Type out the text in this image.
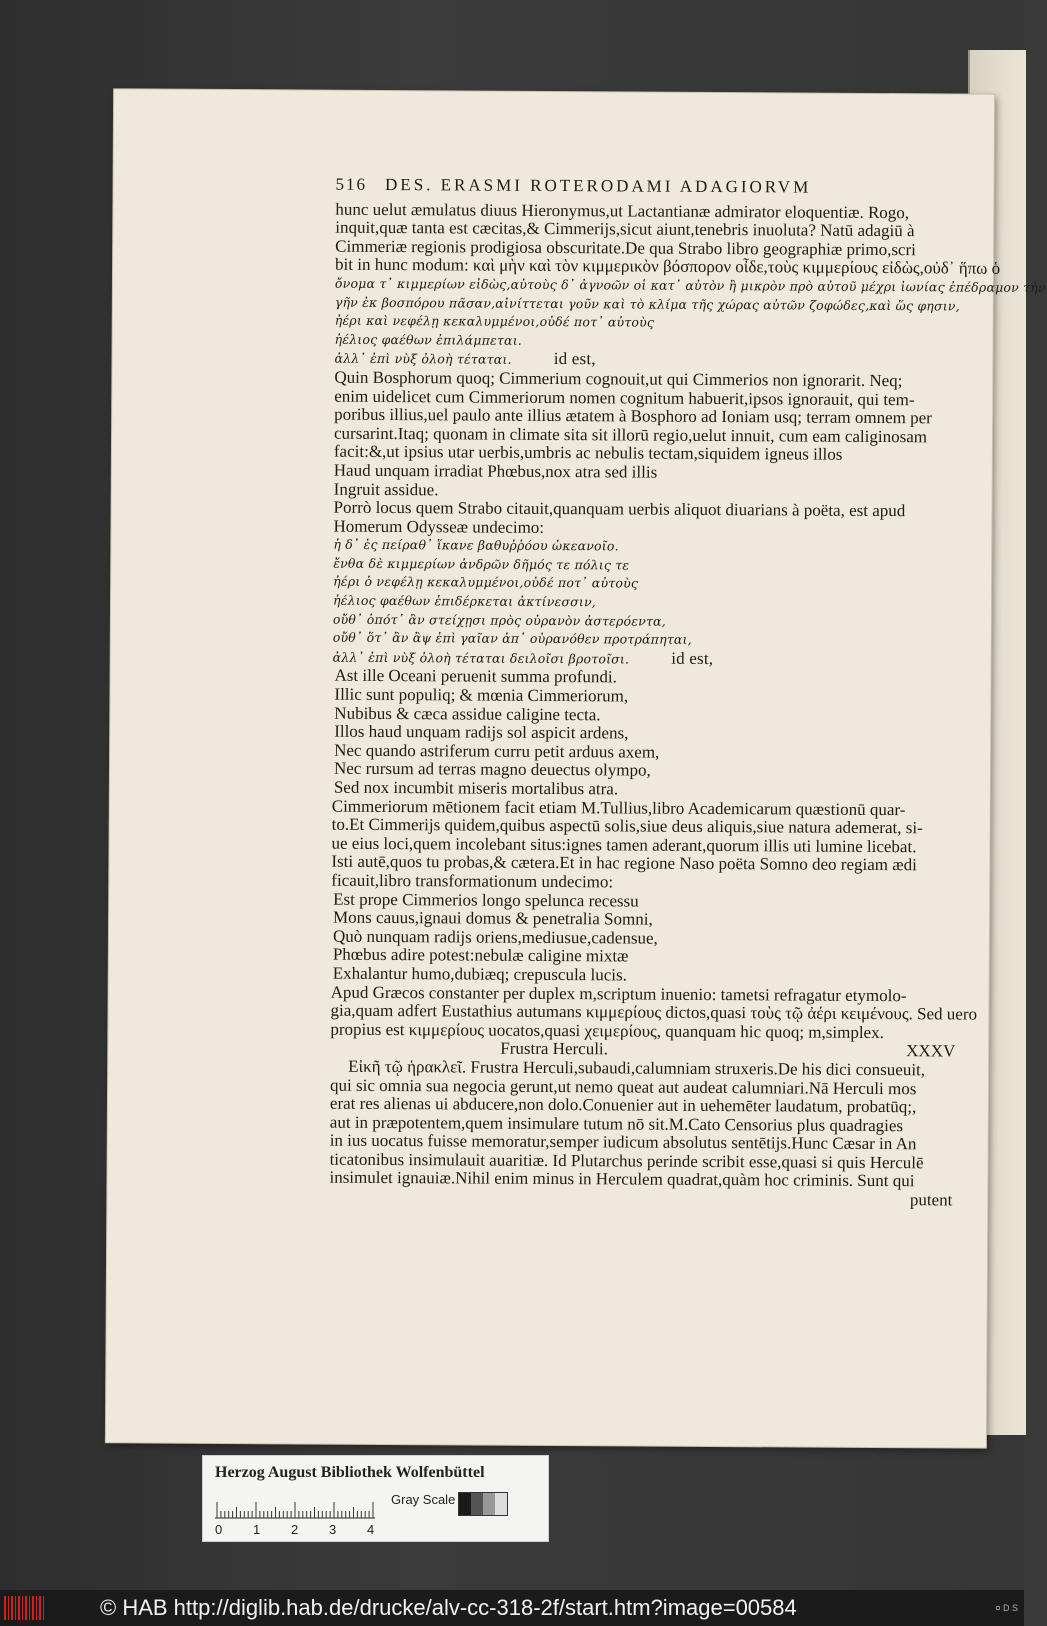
516 DES. ERASMI ROTERODAMI ADAGIORVM
hunc uelut æmulatus diuus Hieronymus,ut Lactantianæ admirator eloquentiæ. Rogo,
inquit,quæ tanta est cæcitas,& Cimmerijs,sicut aiunt,tenebris inuoluta? Natū adagiū à
Cimmeriæ regionis prodigiosa obscuritate.De qua Strabo libro geographiæ primo,scri
bit in hunc modum: καὶ μὴν καὶ τὸν κιμμερικὸν βόσπορον οἶδε,τοὺς κιμμερίους εἰδὼς,οὐδ᾽ ἥπω ὁ
ὄνομα τ᾽ κιμμερίων εἰδὼς,αὐτοὺς δ᾽ ἀγνοῶν οἱ κατ᾽ αὐτὸν ἢ μικρὸν πρὸ αὐτοῦ μέχρι ἰωνίας ἐπέδραμον τὴν
γῆν ἐκ βοσπόρου πᾶσαν,αἰνίττεται γοῦν καὶ τὸ κλίμα τῆς χώρας αὐτῶν ζοφώδες,καὶ ὥς φησιν,
ἠέρι καὶ νεφέλῃ κεκαλυμμένοι,οὐδέ ποτ᾽ αὐτοὺς
ἠέλιος φαέθων ἐπιλάμπεται.
ἀλλ᾽ ἐπὶ νὺξ ὀλοὴ τέταται. id est,
Quin Bosphorum quoq; Cimmerium cognouit,ut qui Cimmerios non ignorarit. Neq;
enim uidelicet cum Cimmeriorum nomen cognitum habuerit,ipsos ignorauit, qui tem-
poribus illius,uel paulo ante illius ætatem à Bosphoro ad Ioniam usq; terram omnem per
cursarint.Itaq; quonam in climate sita sit illorū regio,uelut innuit, cum eam caliginosam
facit:&,ut ipsius utar uerbis,umbris ac nebulis tectam,siquidem igneus illos
Haud unquam irradiat Phœbus,nox atra sed illis
Ingruit assidue.
Porrò locus quem Strabo citauit,quanquam uerbis aliquot diuarians à poëta, est apud
Homerum Odysseæ undecimo:
ἡ δ᾽ ἐς πείραθ᾽ ἵκανε βαθυῤῥόου ὠκεανοῖο.
ἔνθα δὲ κιμμερίων ἀνδρῶν δῆμός τε πόλις τε
ἠέρι ὁ νεφέλῃ κεκαλυμμένοι,οὐδέ ποτ᾽ αὐτοὺς
ἠέλιος φαέθων ἐπιδέρκεται ἀκτίνεσσιν,
οὔθ᾽ ὁπότ᾽ ἂν στείχῃσι πρὸς οὐρανὸν ἀστερόεντα,
οὔθ᾽ ὅτ᾽ ἂν ἂψ ἐπὶ γαῖαν ἀπ᾽ οὐρανόθεν προτράπηται,
ἀλλ᾽ ἐπὶ νὺξ ὀλοὴ τέταται δειλοῖσι βροτοῖσι. id est,
Ast ille Oceani peruenit summa profundi.
Illic sunt populiq; & mœnia Cimmeriorum,
Nubibus & cæca assidue caligine tecta.
Illos haud unquam radijs sol aspicit ardens,
Nec quando astriferum curru petit arduus axem,
Nec rursum ad terras magno deuectus olympo,
Sed nox incumbit miseris mortalibus atra.
Cimmeriorum mētionem facit etiam M.Tullius,libro Academicarum quæstionū quar-
to.Et Cimmerijs quidem,quibus aspectū solis,siue deus aliquis,siue natura ademerat, si-
ue eius loci,quem incolebant situs:ignes tamen aderant,quorum illis uti lumine licebat.
Isti autē,quos tu probas,& cætera.Et in hac regione Naso poëta Somno deo regiam ædi
ficauit,libro transformationum undecimo:
Est prope Cimmerios longo spelunca recessu
Mons cauus,ignaui domus & penetralia Somni,
Quò nunquam radijs oriens,mediusue,cadensue,
Phœbus adire potest:nebulæ caligine mixtæ
Exhalantur humo,dubiæq; crepuscula lucis.
Apud Græcos constanter per duplex m,scriptum inuenio: tametsi refragatur etymolo-
gia,quam adfert Eustathius autumans κιμμερίους dictos,quasi τοὺς τῷ ἀέρι κειμένους. Sed uero
propius est κιμμερίους uocatos,quasi χειμερίους, quanquam hic quoq; m,simplex.
Frustra Herculi.	XXXV
Εἰκῆ τῷ ἡρακλεῖ. Frustra Herculi,subaudi,calumniam struxeris.De his dici consueuit,
qui sic omnia sua negocia gerunt,ut nemo queat aut audeat calumniari.Nā Herculi mos
erat res alienas ui abducere,non dolo.Conuenier aut in uehemēter laudatum, probatūq;,
aut in præpotentem,quem insimulare tutum nō sit.M.Cato Censorius plus quadragies
in ius uocatus fuisse memoratur,semper iudicum absolutus sentētijs.Hunc Cæsar in An
ticatonibus insimulauit auaritiæ. Id Plutarchus perinde scribit esse,quasi si quis Herculē
insimulet ignauiæ.Nihil enim minus in Herculem quadrat,quàm hoc criminis. Sunt qui
putent
Herzog August Bibliothek Wolfenbüttel
0 1 2 3 4
Gray Scale
© HAB http://diglib.hab.de/drucke/alv-cc-318-2f/start.htm?image=00584	¤ D S
